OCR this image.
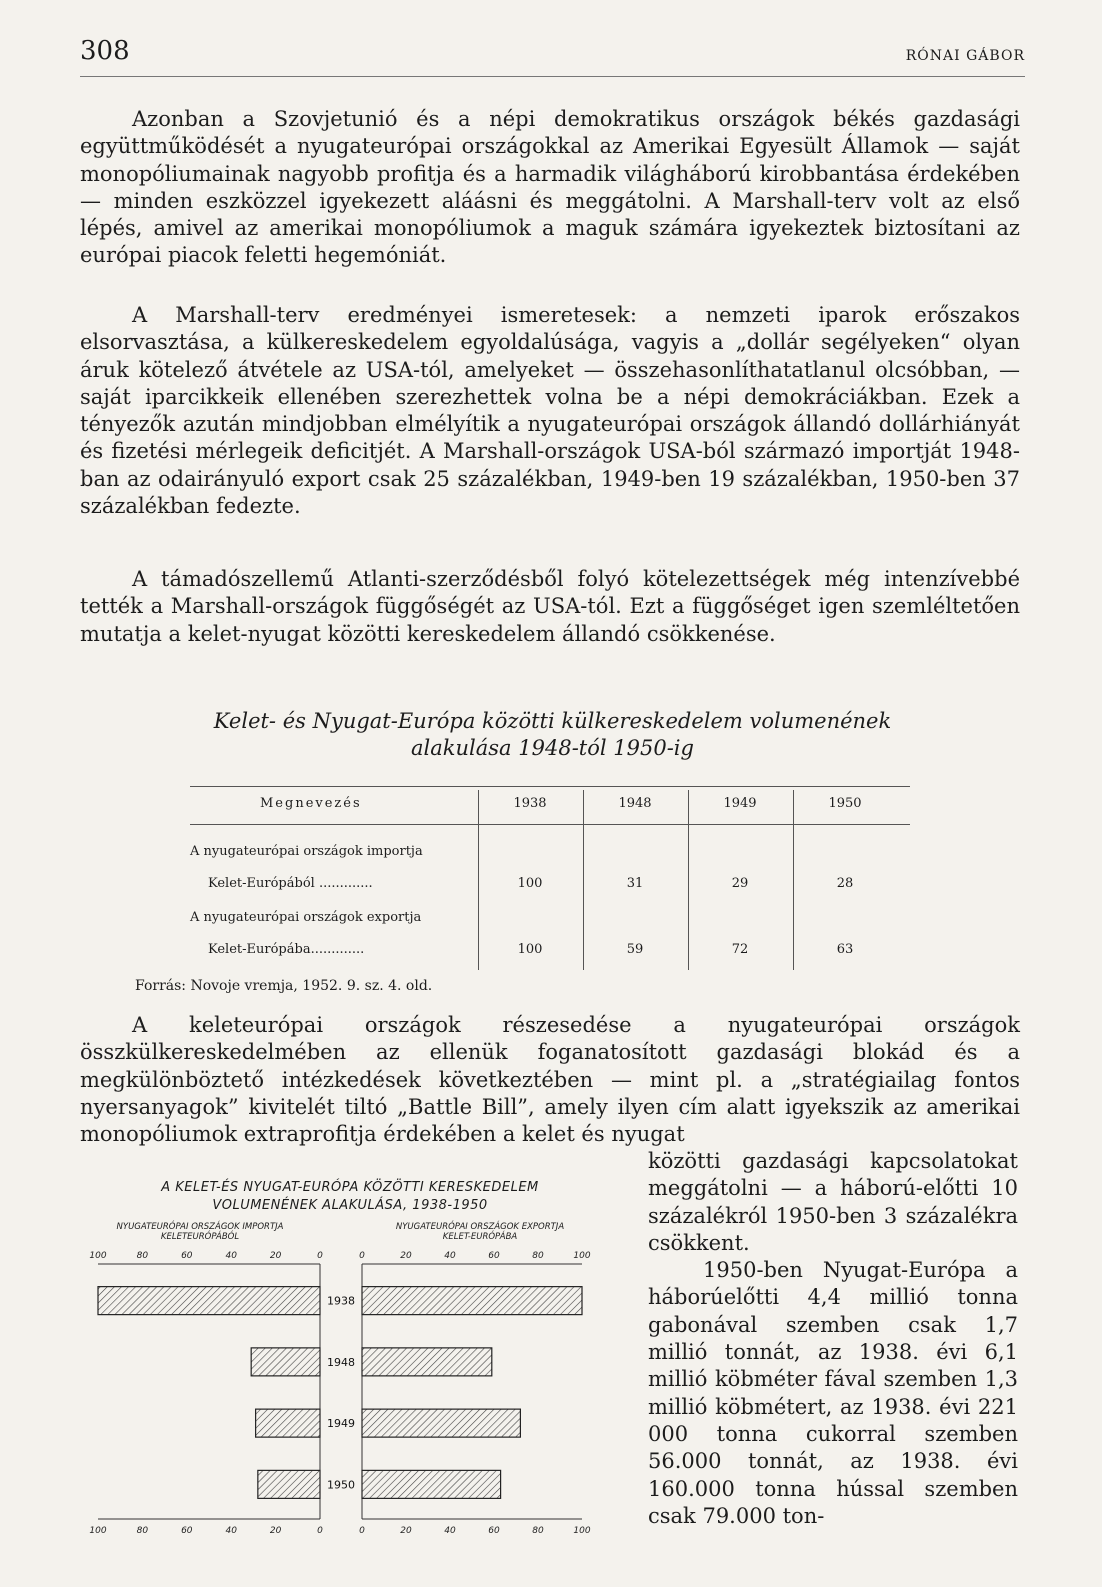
308	RÓNAI GÁBOR
Azonban a Szovjetunió és a népi demokratikus országok békés gazdasági együttműködését a nyugateurópai országokkal az Amerikai Egyesült Államok — saját monopóliumainak nagyobb profitja és a harmadik világháború kirobbantása érdekében — minden eszközzel igyekezett aláásni és meggátolni. A Marshall-terv volt az első lépés, amivel az amerikai monopóliumok a maguk számára igyekeztek biztosítani az európai piacok feletti hegemóniát.
A Marshall-terv eredményei ismeretesek: a nemzeti iparok erőszakos elsorvasztása, a külkereskedelem egyoldalúsága, vagyis a „dollár segélyeken“ olyan áruk kötelező átvétele az USA-tól, amelyeket — összehasonlíthatatlanul olcsóbban, — saját iparcikkeik ellenében szerezhettek volna be a népi demokráciákban. Ezek a tényezők azután mindjobban elmélyítik a nyugateurópai országok állandó dollárhiányát és fizetési mérlegeik deficitjét. A Marshall-országok USA-ból származó importját 1948-ban az odairányuló export csak 25 százalékban, 1949-ben 19 százalékban, 1950-ben 37 százalékban fedezte.
A támadószellemű Atlanti-szerződésből folyó kötelezettségek még intenzívebbé tették a Marshall-országok függőségét az USA-tól. Ezt a függőséget igen szemléltetően mutatja a kelet-nyugat közötti kereskedelem állandó csökkenése.
Kelet- és Nyugat-Európa közötti külkereskedelem volumenének
alakulása 1948-tól 1950-ig
Megnevezés	1938	1948	1949	1950
A nyugateurópai országok importja
Kelet-Európából .............	100	31	29	28
A nyugateurópai országok exportja
Kelet-Európába.............	100	59	72	63
Forrás: Novoje vremja, 1952. 9. sz. 4. old.
A keleteurópai országok részesedése a nyugateurópai országok összkülkereskedelmében az ellenük foganatosított gazdasági blokád és a megkülönböztető intézkedések következtében — mint pl. a „stratégiailag fontos nyersanyagok” kivitelét tiltó „Battle Bill”, amely ilyen cím alatt igyekszik az amerikai monopóliumok extraprofitja érdekében a kelet és nyugat

közötti gazdasági kapcsolatokat meggátolni — a háború-előtti 10 százalékról 1950-ben 3 százalékra csökkent.

1950-ben Nyugat-Európa a háborúelőtti 4,4 millió tonna gabonával szemben csak 1,7 millió tonnát, az 1938. évi 6,1 millió köbméter fával szemben 1,3 millió köbmétert, az 1938. évi 221 000 tonna cukorral szemben 56.000 tonnát, az 1938. évi 160.000 tonna hússal szemben csak 79.000 ton-

A KELET-ÉS NYUGAT-EURÓPA KÖZÖTTI KERESKEDELEM
VOLUMENÉNEK ALAKULÁSA, 1938-1950
NYUGATEURÓPAI ORSZÁGOK IMPORTJA
KELETEURÓPÁBÓL
NYUGATEURÓPAI ORSZÁGOK EXPORTJA
KELET-EURÓPÁBA
100
100
80
80
60
60
40
40
20
20
0
0
0
0
20
20
40
40
60
60
80
80
100
100
1938
1948
1949
1950
